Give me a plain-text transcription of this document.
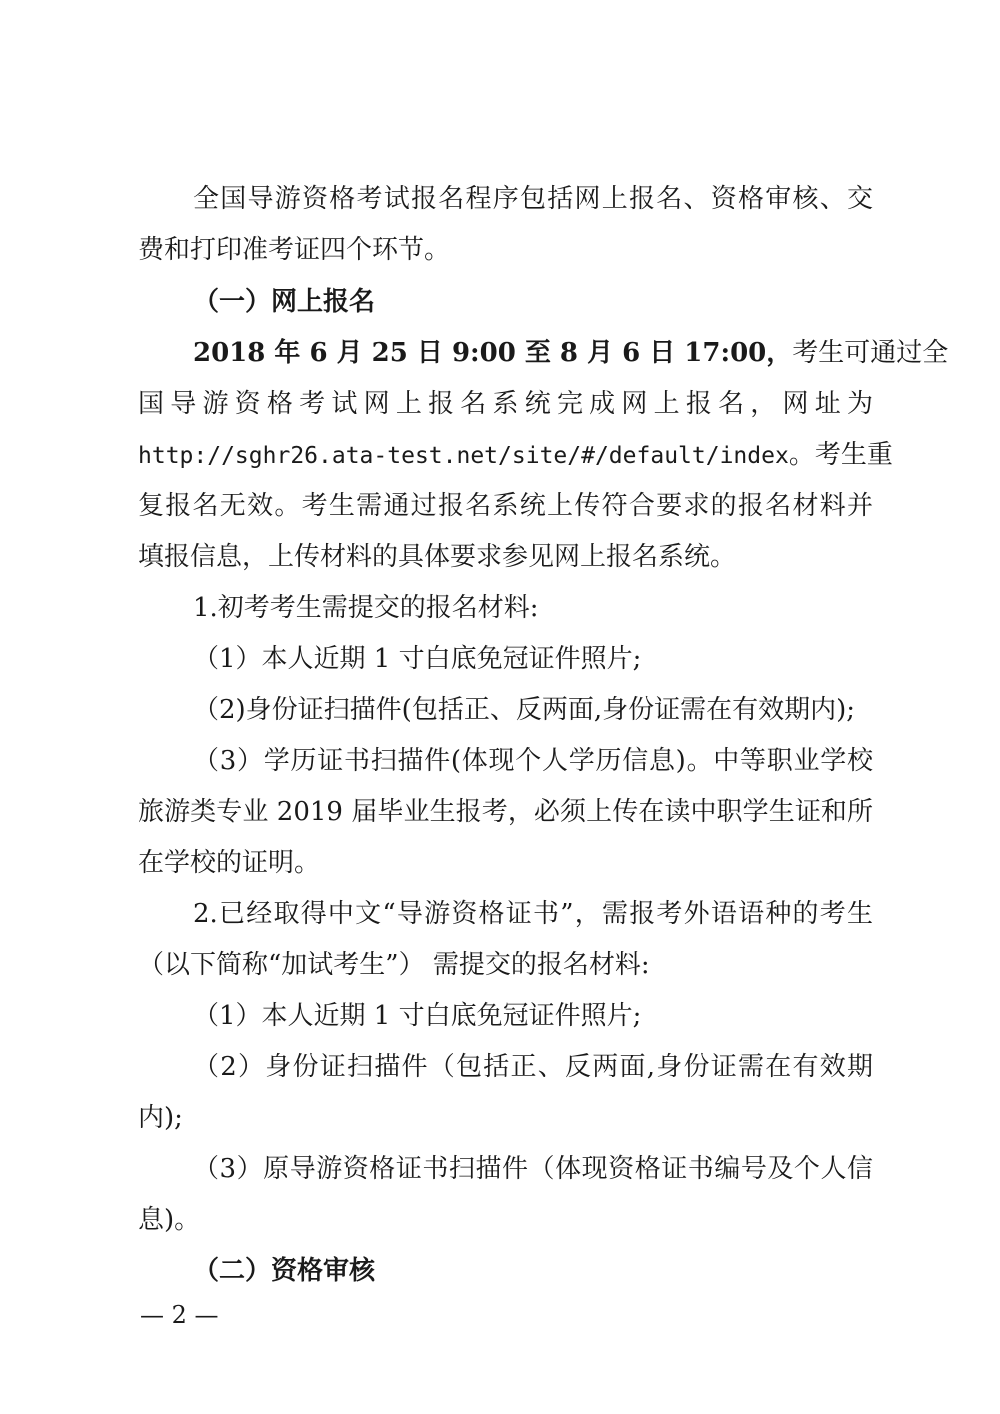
全国导游资格考试报名程序包括网上报名、资格审核、交
费和打印准考证四个环节。
（一）网上报名
2018 年 6 月 25 日 9:00 至 8 月 6 日 17:00，考生可通过全
国导游资格考试网上报名系统完成网上报名，网址为
http://sghr26.ata-test.net/site/#/default/index。考生重
复报名无效。考生需通过报名系统上传符合要求的报名材料并
填报信息，上传材料的具体要求参见网上报名系统。
1.初考考生需提交的报名材料:
（1）本人近期 1 寸白底免冠证件照片;
（2)身份证扫描件(包括正、反两面,身份证需在有效期内);
（3）学历证书扫描件(体现个人学历信息)。中等职业学校
旅游类专业 2019 届毕业生报考，必须上传在读中职学生证和所
在学校的证明。
2.已经取得中文“导游资格证书”，需报考外语语种的考生
（以下简称“加试考生”） 需提交的报名材料:
（1）本人近期 1 寸白底免冠证件照片;
（2）身份证扫描件（包括正、反两面,身份证需在有效期
内);
（3）原导游资格证书扫描件（体现资格证书编号及个人信
息)。
（二）资格审核
— 2 —
